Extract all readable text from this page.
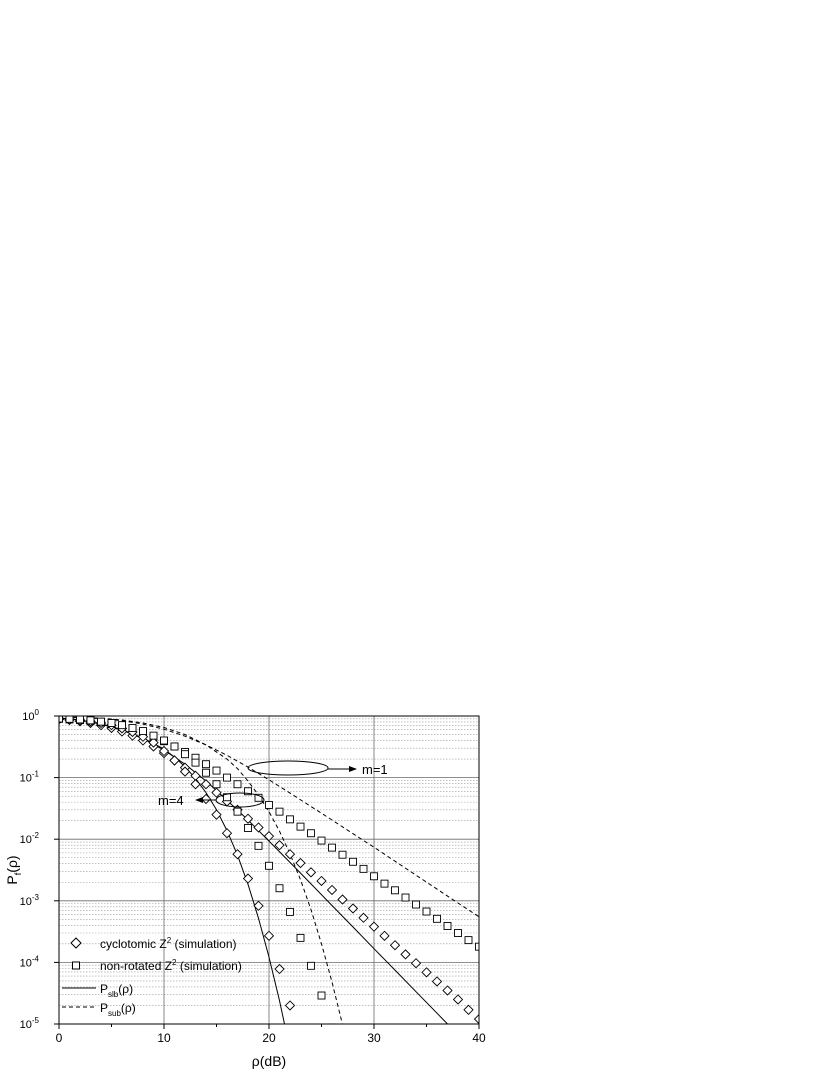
0	10	20	30	40
$10^0$
$10^{-1}$
$10^{-2}$
$10^{-3}$
$10^{-4}$
$10^{-5}$
m=1
m=4
cyclotomic $Z^2$ (simulation)
non-rotated $Z^2$ (simulation)
$P_{slb}(\rho)$
$P_{sub}(\rho)$
ρ(dB)
$P_f(\rho)$
